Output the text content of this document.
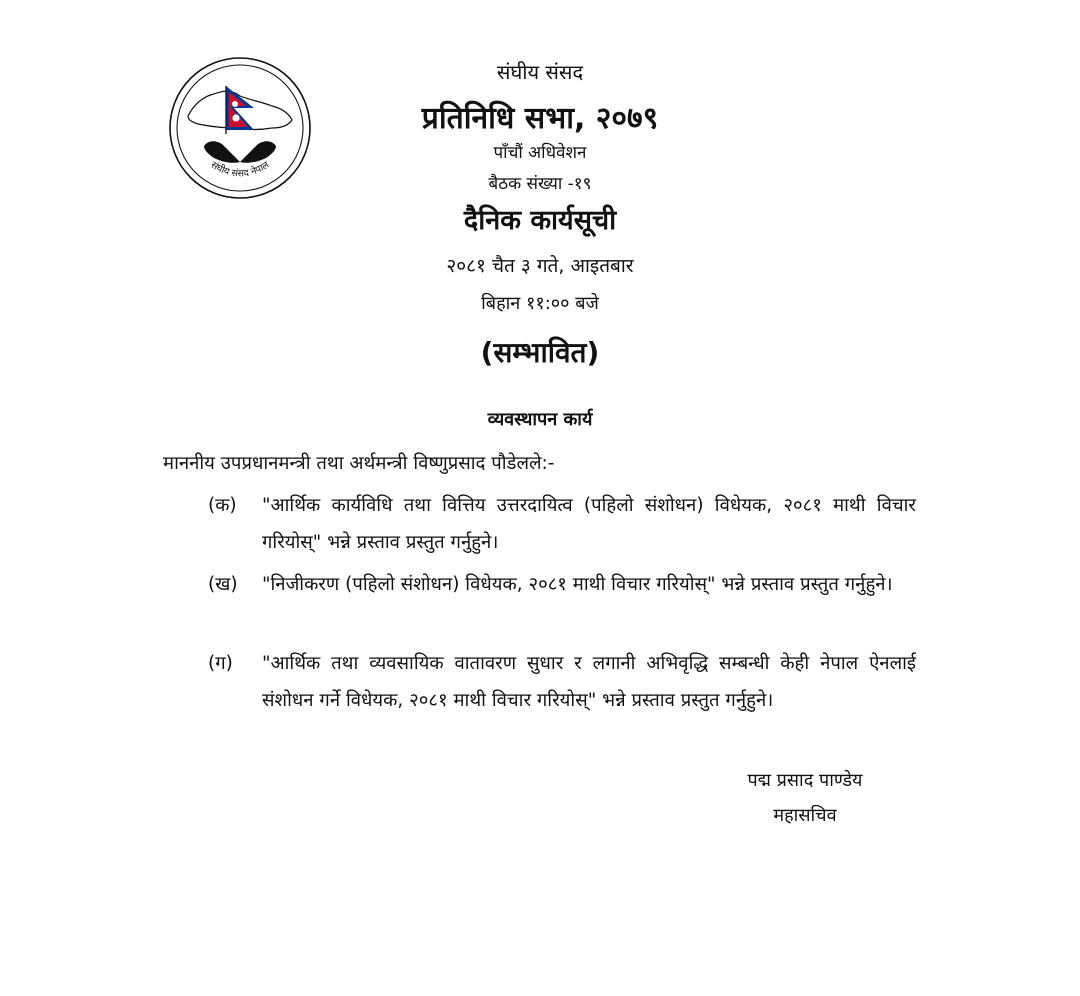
संघीय संसद नेपाल
संघीय संसद
प्रतिनिधि सभा, २०७९
पाँचौं अधिवेशन
बैठक संख्या -१९
दैनिक कार्यसूची
२०८१ चैत ३ गते, आइतबार
बिहान ११:०० बजे
(सम्भावित)
व्यवस्थापन कार्य
माननीय उपप्रधानमन्त्री तथा अर्थमन्त्री विष्णुप्रसाद पौडेलले:-
(क)	"आर्थिक कार्यविधि तथा वित्तिय उत्तरदायित्व (पहिलो संशोधन) विधेयक, २०८१ माथी विचार गरियोस्" भन्ने प्रस्ताव प्रस्तुत गर्नुहुने।
(ख)	"निजीकरण (पहिलो संशोधन) विधेयक, २०८१ माथी विचार गरियोस्" भन्ने प्रस्ताव प्रस्तुत गर्नुहुने।
(ग)	"आर्थिक तथा व्यवसायिक वातावरण सुधार र लगानी अभिवृद्धि सम्बन्धी केही नेपाल ऐनलाई संशोधन गर्ने विधेयक, २०८१ माथी विचार गरियोस्" भन्ने प्रस्ताव प्रस्तुत गर्नुहुने।
पद्म प्रसाद पाण्डेय
महासचिव
